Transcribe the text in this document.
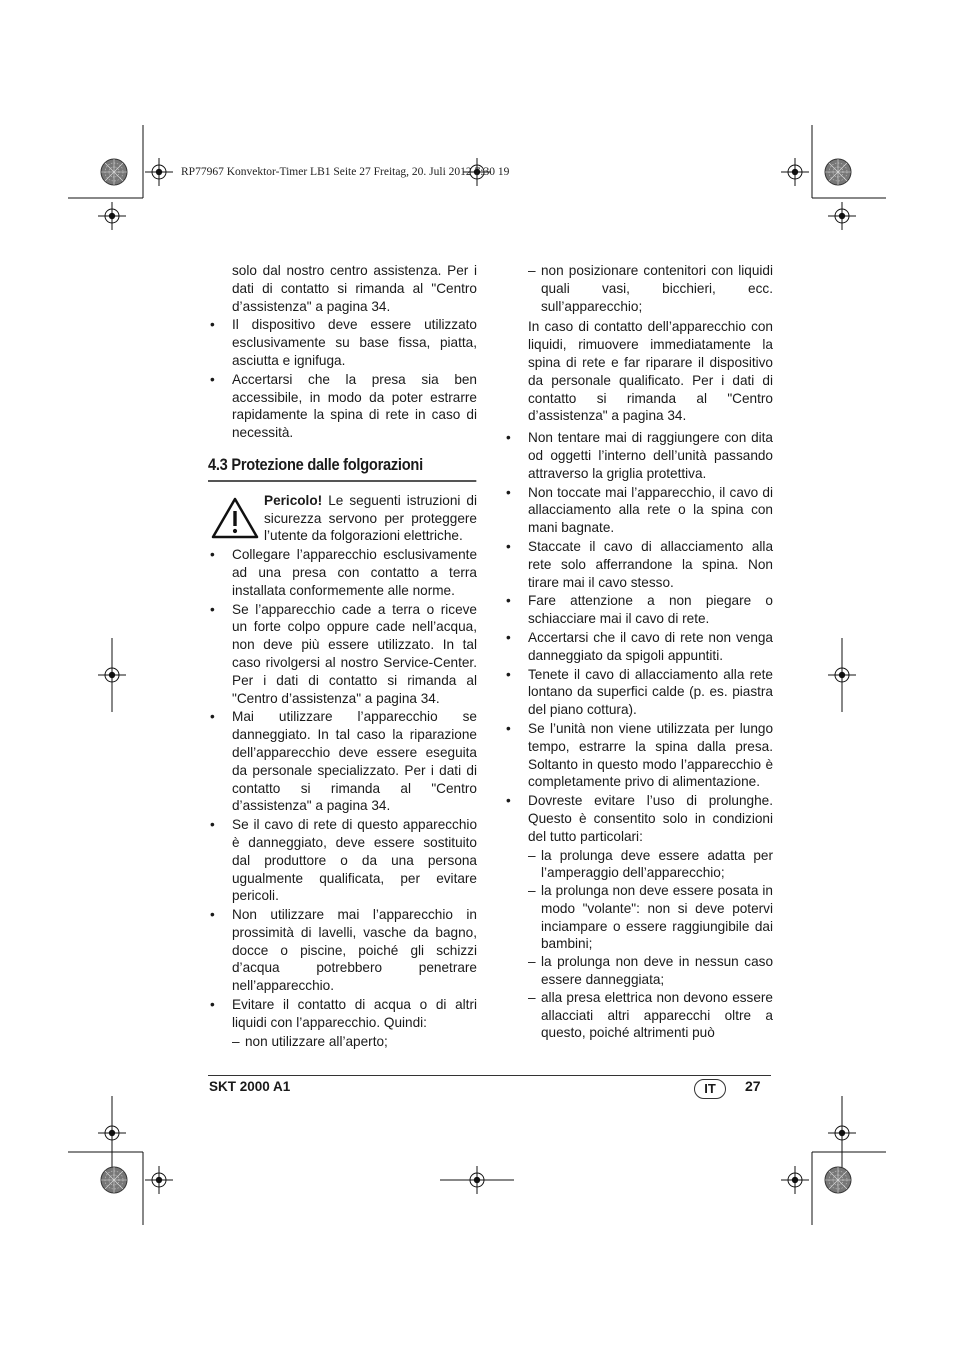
RP77967 Konvektor-Timer LB1 Seite 27 Freitag, 20. Juli 2012 7:30 19

solo dal nostro centro assistenza. Per i dati di contatto si rimanda al "Centro d’assistenza" a pagina 34.

• Il dispositivo deve essere utilizzato esclusivamente su base fissa, piatta, asciutta e ignifuga.
• Accertarsi che la presa sia ben accessibile, in modo da poter estrarre rapidamente la spina di rete in caso di necessità.
4.3 Protezione dalle folgorazioni
Pericolo! Le seguenti istruzioni di sicurezza servono per proteggere l’utente da folgorazioni elettriche.
• Collegare l’apparecchio esclusivamente ad una presa con contatto a terra installata conformemente alle norme.
• Se l’apparecchio cade a terra o riceve un forte colpo oppure cade nell’acqua, non deve più essere utilizzato. In tal caso rivolgersi al nostro Service-Center. Per i dati di contatto si rimanda al "Centro d’assistenza" a pagina 34.
• Mai utilizzare l’apparecchio se danneggiato. In tal caso la riparazione dell’apparecchio deve essere eseguita da personale specializzato. Per i dati di contatto si rimanda al "Centro d’assistenza" a pagina 34.
• Se il cavo di rete di questo apparecchio è danneggiato, deve essere sostituito dal produttore o da una persona ugualmente qualificata, per evitare pericoli.
• Non utilizzare mai l’apparecchio in prossimità di lavelli, vasche da bagno, docce o piscine, poiché gli schizzi d’acqua potrebbero penetrare nell’apparecchio.
• Evitare il contatto di acqua o di altri liquidi con l’apparecchio. Quindi:
– non utilizzare all’aperto;
– non posizionare contenitori con liquidi quali vasi, bicchieri, ecc. sull’apparecchio;

In caso di contatto dell’apparecchio con liquidi, rimuovere immediatamente la spina di rete e far riparare il dispositivo da personale qualificato. Per i dati di contatto si rimanda al "Centro d’assistenza" a pagina 34.

• Non tentare mai di raggiungere con dita od oggetti l’interno dell’unità passando attraverso la griglia protettiva.
• Non toccate mai l’apparecchio, il cavo di allacciamento alla rete o la spina con mani bagnate.
• Staccate il cavo di allacciamento alla rete solo afferrandone la spina. Non tirare mai il cavo stesso.
• Fare attenzione a non piegare o schiacciare mai il cavo di rete.
• Accertarsi che il cavo di rete non venga danneggiato da spigoli appuntiti.
• Tenete il cavo di allacciamento alla rete lontano da superfici calde (p. es. piastra del piano cottura).
• Se l’unità non viene utilizzata per lungo tempo, estrarre la spina dalla presa. Soltanto in questo modo l’apparecchio è completamente privo di alimentazione.
• Dovreste evitare l’uso di prolunghe. Questo è consentito solo in condizioni del tutto particolari:
– la prolunga deve essere adatta per l’amperaggio dell’apparecchio;
– la prolunga non deve essere posata in modo "volante": non si deve potervi inciampare o essere raggiungibile dai bambini;
– la prolunga non deve in nessun caso essere danneggiata;
– alla presa elettrica non devono essere allacciati altri apparecchi oltre a questo, poiché altrimenti può
SKT 2000 A1	IT	27
